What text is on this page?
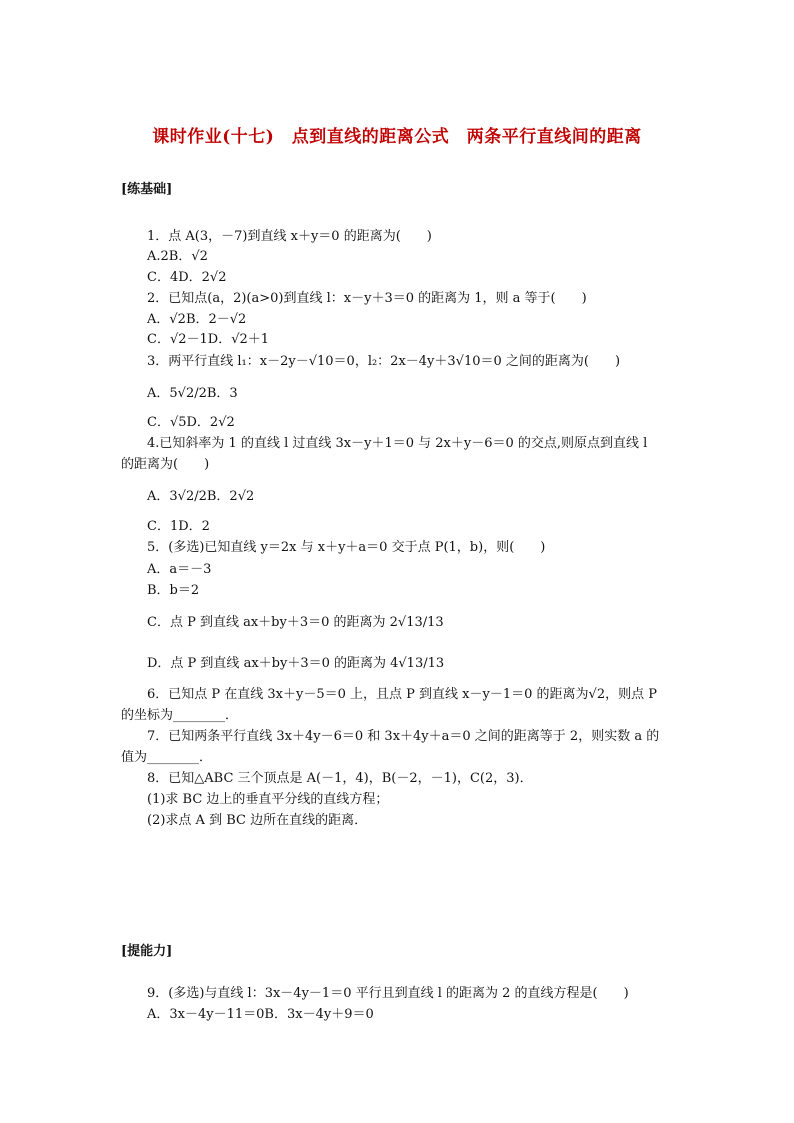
课时作业(十七)　点到直线的距离公式　两条平行直线间的距离
[练基础]
1．点 A(3，－7)到直线 x＋y＝0 的距离为(　　)
A.2B．√2
C．4D．2√2
2．已知点(a，2)(a>0)到直线 l：x－y＋3＝0 的距离为 1，则 a 等于(　　)
A．√2B．2－√2
C．√2－1D．√2＋1
3．两平行直线 l₁：x－2y－√10＝0，l₂：2x－4y＋3√10＝0 之间的距离为(　　)
A．5√2/2B．3
C．√5D．2√2
4.已知斜率为 1 的直线 l 过直线 3x－y＋1＝0 与 2x＋y－6＝0 的交点,则原点到直线 l
的距离为(　　)
A．3√2/2B．2√2
C．1D．2
5．(多选)已知直线 y＝2x 与 x＋y＋a＝0 交于点 P(1，b)，则(　　)
A．a＝－3
B．b＝2
C．点 P 到直线 ax＋by＋3＝0 的距离为 2√13/13
D．点 P 到直线 ax＋by＋3＝0 的距离为 4√13/13
6．已知点 P 在直线 3x＋y－5＝0 上，且点 P 到直线 x－y－1＝0 的距离为√2，则点 P
的坐标为________．
7．已知两条平行直线 3x＋4y－6＝0 和 3x＋4y＋a＝0 之间的距离等于 2，则实数 a 的
值为________．
8．已知△ABC 三个顶点是 A(－1，4)，B(－2，－1)，C(2，3)．
(1)求 BC 边上的垂直平分线的直线方程；
(2)求点 A 到 BC 边所在直线的距离．
[提能力]
9．(多选)与直线 l：3x－4y－1＝0 平行且到直线 l 的距离为 2 的直线方程是(　　)
A．3x－4y－11＝0B．3x－4y＋9＝0
